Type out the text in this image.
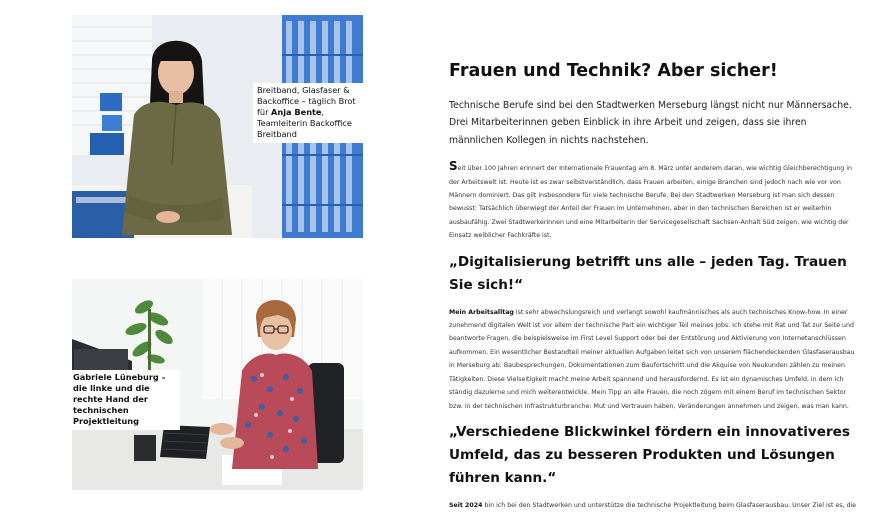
Breitband, Glasfaser & Backoffice – täglich Brot für Anja Bente, Teamleiterin Backoffice Breitband
Gabriele Lüneburg – die linke und die rechte Hand der technischen Projektleitung
Frauen und Technik? Aber sicher!

Technische Berufe sind bei den Stadtwerken Merseburg längst nicht nur Männersache. Drei Mitarbeiterinnen geben Einblick in ihre Arbeit und zeigen, dass sie ihren männlichen Kollegen in nichts nachstehen.

Seit über 100 Jahren erinnert der Internationale Frauentag am 8. März unter anderem daran, wie wichtig Gleichberechtigung in der Arbeitswelt ist. Heute ist es zwar selbstverständlich, dass Frauen arbeiten, einige Branchen sind jedoch nach wie vor von Männern dominiert. Das gilt insbesondere für viele technische Berufe. Bei den Stadtwerken Merseburg ist man sich dessen bewusst: Tatsächlich überwiegt der Anteil der Frauen im Unternehmen, aber in den technischen Bereichen ist er weiterhin ausbaufähig. Zwei Stadtwerkerinnen und eine Mitarbeiterin der Servicegesellschaft Sachsen-Anhalt Süd zeigen, wie wichtig der Einsatz weiblicher Fachkräfte ist.

„Digitalisierung betrifft uns alle – jeden Tag. Trauen Sie sich!“

Mein Arbeitsalltag ist sehr abwechslungsreich und verlangt sowohl kaufmännisches als auch technisches Know-how. In einer zunehmend digitalen Welt ist vor allem der technische Part ein wichtiger Teil meines Jobs. Ich stehe mit Rat und Tat zur Seite und beantworte Fragen, die beispielsweise im First Level Support oder bei der Entstörung und Aktivierung von Internetanschlüssen aufkommen. Ein wesentlicher Bestandteil meiner aktuellen Aufgaben leitet sich von unserem flächendeckenden Glasfaserausbau in Merseburg ab: Baubesprechungen, Dokumentationen zum Baufortschritt und die Akquise von Neukunden zählen zu meinen Tätigkeiten. Diese Vielseitigkeit macht meine Arbeit spannend und herausfordernd. Es ist ein dynamisches Umfeld, in dem ich ständig dazulerne und mich weiterentwickle. Mein Tipp an alle Frauen, die noch zögern mit einem Beruf im technischen Sektor bzw. in der technischen Infrastrukturbranche: Mut und Vertrauen haben, Veränderungen annehmen und zeigen, was man kann.

„Verschiedene Blickwinkel fördern ein innovativeres Umfeld, das zu besseren Produkten und Lösungen führen kann.“

Seit 2024 bin ich bei den Stadtwerken und unterstütze die technische Projektleitung beim Glasfaserausbau. Unser Ziel ist es, die
